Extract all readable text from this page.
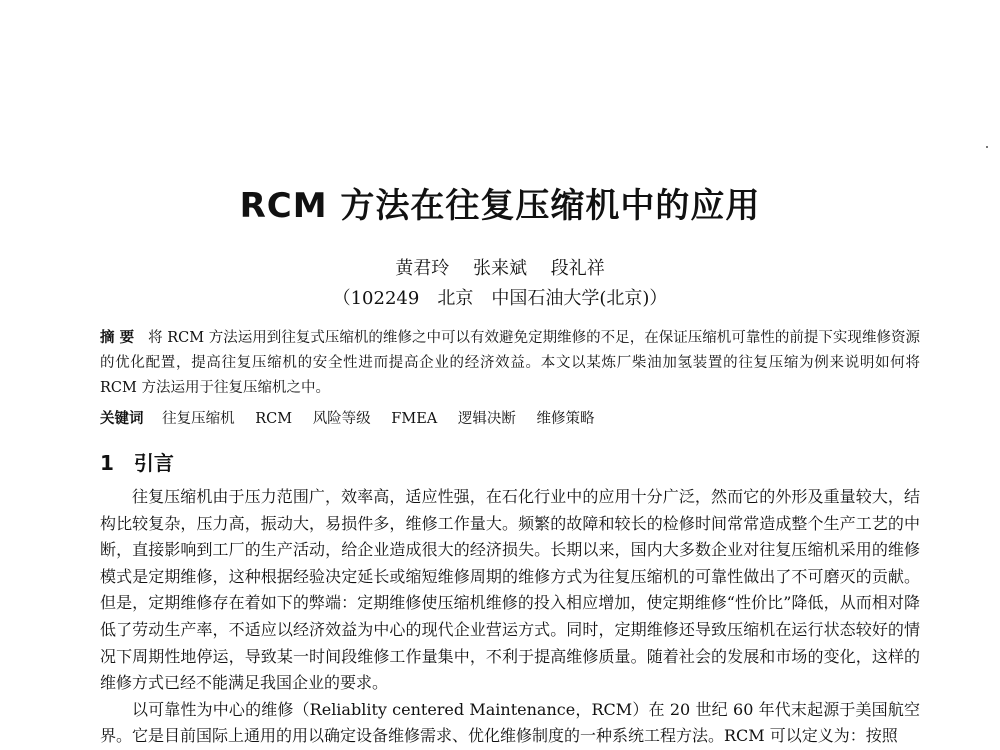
RCM 方法在往复压缩机中的应用
黄君玲 张来斌 段礼祥
（102249　北京　中国石油大学(北京)）
摘 要 将 RCM 方法运用到往复式压缩机的维修之中可以有效避免定期维修的不足，在保证压缩机可靠性的前提下实现维修资源的优化配置，提高往复压缩机的安全性进而提高企业的经济效益。本文以某炼厂柴油加氢装置的往复压缩为例来说明如何将 RCM 方法运用于往复压缩机之中。
关键词 往复压缩机 RCM 风险等级 FMEA 逻辑决断 维修策略
1 引言

往复压缩机由于压力范围广，效率高，适应性强，在石化行业中的应用十分广泛，然而它的外形及重量较大，结构比较复杂，压力高，振动大，易损件多，维修工作量大。频繁的故障和较长的检修时间常常造成整个生产工艺的中断，直接影响到工厂的生产活动，给企业造成很大的经济损失。长期以来，国内大多数企业对往复压缩机采用的维修模式是定期维修，这种根据经验决定延长或缩短维修周期的维修方式为往复压缩机的可靠性做出了不可磨灭的贡献。但是，定期维修存在着如下的弊端：定期维修使压缩机维修的投入相应增加，使定期维修“性价比”降低，从而相对降低了劳动生产率，不适应以经济效益为中心的现代企业营运方式。同时，定期维修还导致压缩机在运行状态较好的情况下周期性地停运，导致某一时间段维修工作量集中，不利于提高维修质量。随着社会的发展和市场的变化，这样的维修方式已经不能满足我国企业的要求。

以可靠性为中心的维修（Reliablity centered Maintenance，RCM）在 20 世纪 60 年代末起源于美国航空界。它是目前国际上通用的用以确定设备维修需求、优化维修制度的一种系统工程方法。RCM 可以定义为：按照
